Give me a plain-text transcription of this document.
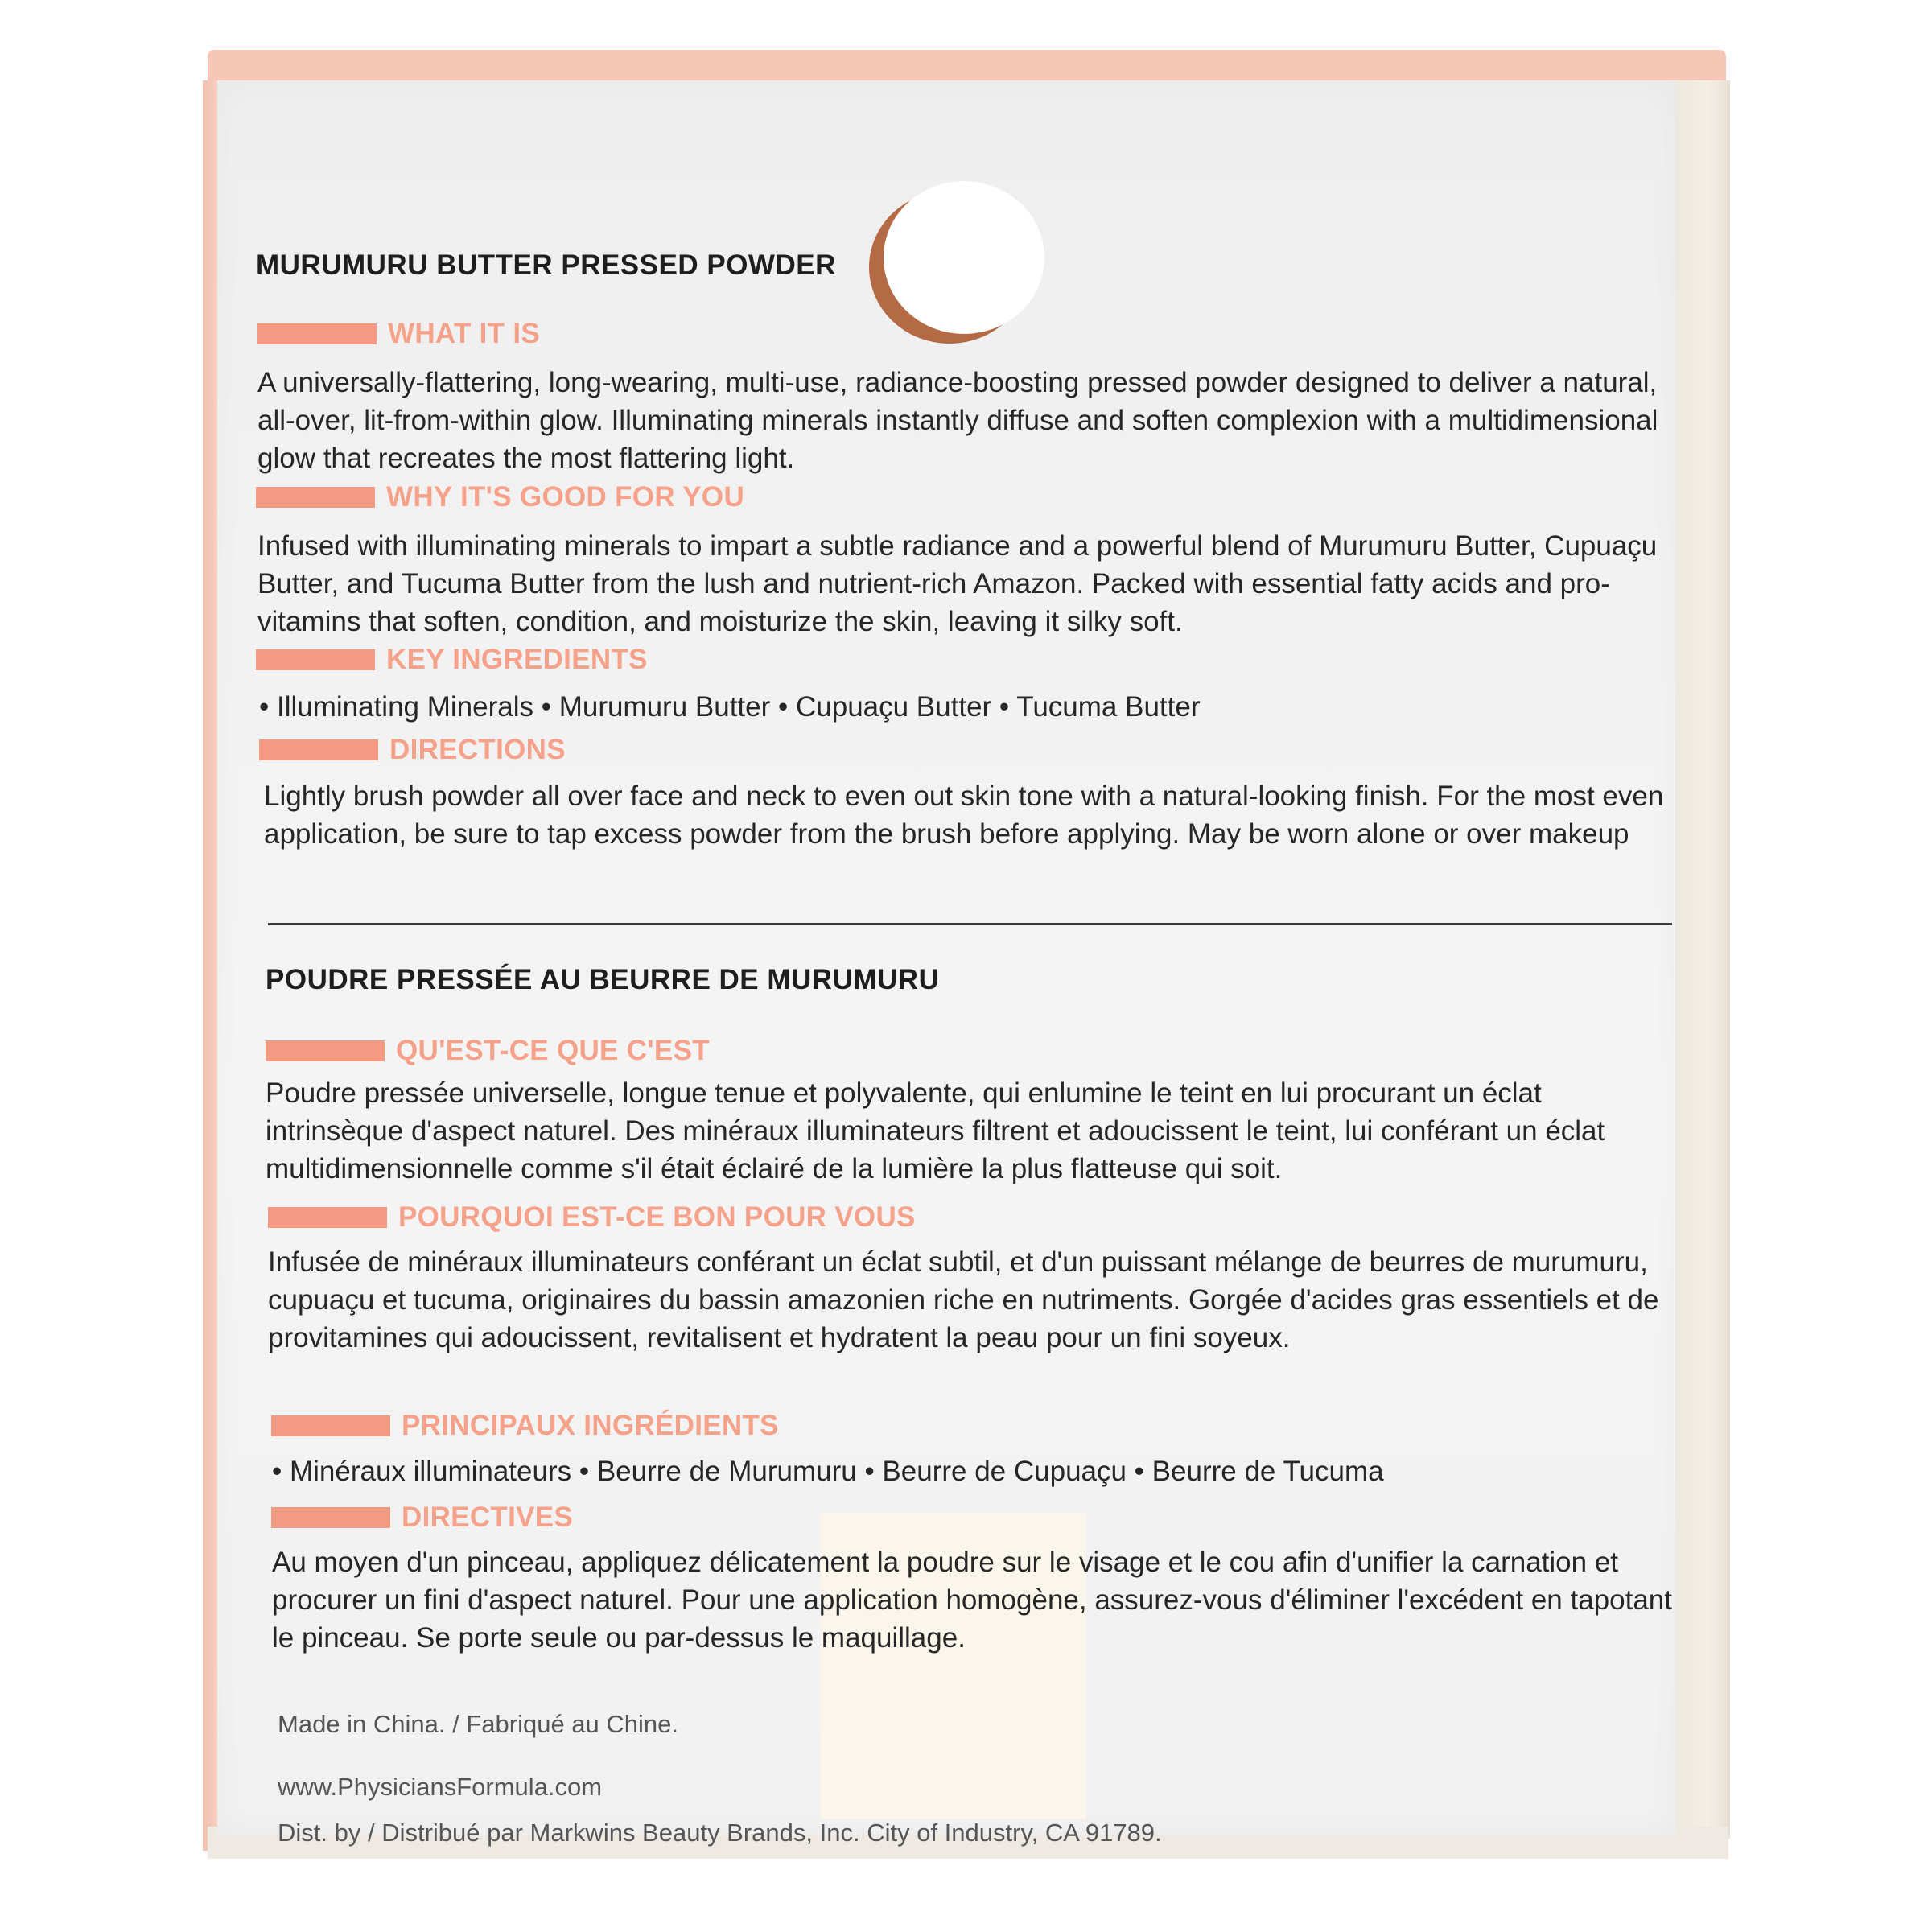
MURUMURU BUTTER PRESSED POWDER
WHAT IT IS
A universally-flattering, long-wearing, multi-use, radiance-boosting pressed powder designed to deliver a natural, all-over, lit-from-within glow. Illuminating minerals instantly diffuse and soften complexion with a multidimensional glow that recreates the most flattering light.
WHY IT'S GOOD FOR YOU
Infused with illuminating minerals to impart a subtle radiance and a powerful blend of Murumuru Butter, Cupuaçu Butter, and Tucuma Butter from the lush and nutrient-rich Amazon. Packed with essential fatty acids and pro-vitamins that soften, condition, and moisturize the skin, leaving it silky soft.
KEY INGREDIENTS
• Illuminating Minerals • Murumuru Butter • Cupuaçu Butter • Tucuma Butter
DIRECTIONS
Lightly brush powder all over face and neck to even out skin tone with a natural-looking finish. For the most even application, be sure to tap excess powder from the brush before applying. May be worn alone or over makeup
POUDRE PRESSÉE AU BEURRE DE MURUMURU
QU'EST-CE QUE C'EST
Poudre pressée universelle, longue tenue et polyvalente, qui enlumine le teint en lui procurant un éclat intrinsèque d'aspect naturel. Des minéraux illuminateurs filtrent et adoucissent le teint, lui conférant un éclat multidimensionnelle comme s'il était éclairé de la lumière la plus flatteuse qui soit.
POURQUOI EST-CE BON POUR VOUS
Infusée de minéraux illuminateurs conférant un éclat subtil, et d'un puissant mélange de beurres de murumuru, cupuaçu et tucuma, originaires du bassin amazonien riche en nutriments. Gorgée d'acides gras essentiels et de provitamines qui adoucissent, revitalisent et hydratent la peau pour un fini soyeux.
PRINCIPAUX INGRÉDIENTS
• Minéraux illuminateurs • Beurre de Murumuru • Beurre de Cupuaçu • Beurre de Tucuma
DIRECTIVES
Au moyen d'un pinceau, appliquez délicatement la poudre sur le visage et le cou afin d'unifier la carnation et procurer un fini d'aspect naturel. Pour une application homogène, assurez-vous d'éliminer l'excédent en tapotant le pinceau. Se porte seule ou par-dessus le maquillage.
Made in China. / Fabriqué au Chine.
www.PhysiciansFormula.com
Dist. by / Distribué par Markwins Beauty Brands, Inc. City of Industry, CA 91789.
